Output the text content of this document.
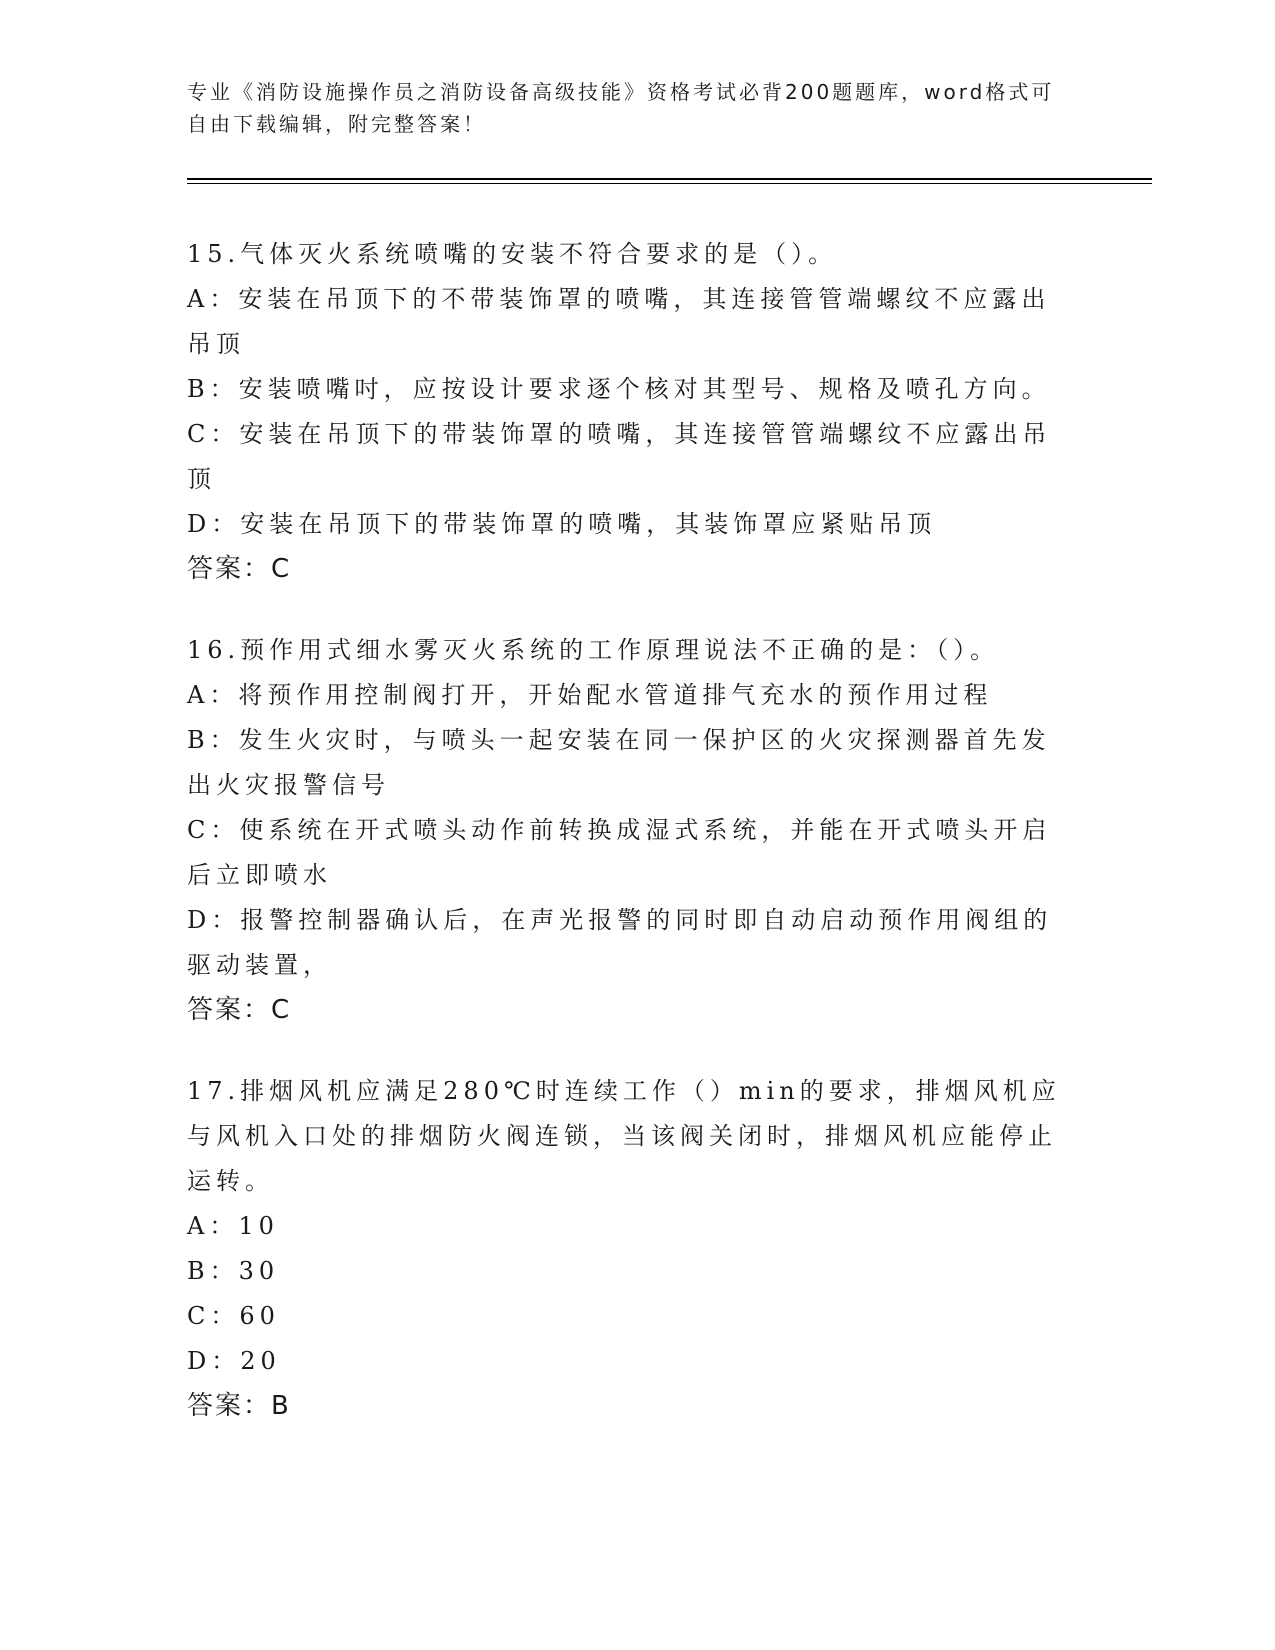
专业《消防设施操作员之消防设备高级技能》资格考试必背200题题库，word格式可自由下载编辑，附完整答案！

15.气体灭火系统喷嘴的安装不符合要求的是（）。

A：安装在吊顶下的不带装饰罩的喷嘴，其连接管管端螺纹不应露出吊顶

B：安装喷嘴吋，应按设计要求逐个核对其型号、规格及喷孔方向。

C：安装在吊顶下的带装饰罩的喷嘴，其连接管管端螺纹不应露出吊顶

D：安装在吊顶下的带装饰罩的喷嘴，其装饰罩应紧贴吊顶

答案：C

16.预作用式细水雾灭火系统的工作原理说法不正确的是：（）。

A：将预作用控制阀打开，开始配水管道排气充水的预作用过程

B：发生火灾时，与喷头一起安装在同一保护区的火灾探测器首先发出火灾报警信号

C：使系统在开式喷头动作前转换成湿式系统，并能在开式喷头开启后立即喷水

D：报警控制器确认后，在声光报警的同时即自动启动预作用阀组的驱动装置，

答案：C

17.排烟风机应满足280℃时连续工作（）min的要求，排烟风机应与风机入口处的排烟防火阀连锁，当该阀关闭时，排烟风机应能停止运转。

A：10

B：30

C：60

D：20

答案：B
